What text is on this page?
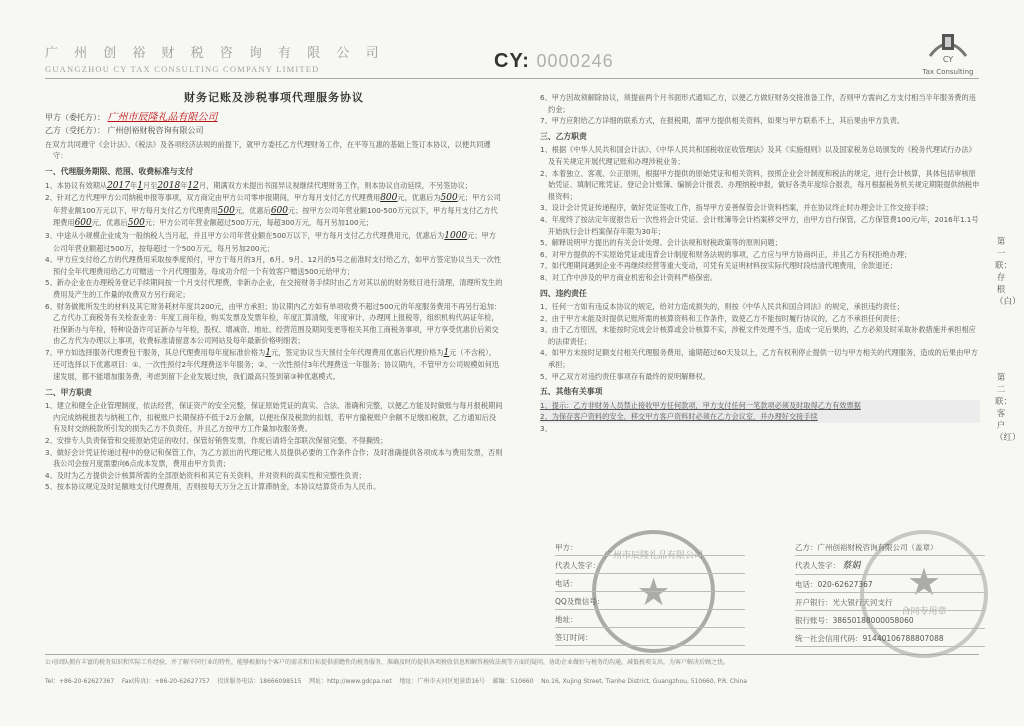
广 州 创 裕 财 税 咨 询 有 限 公 司
GUANGZHOU CY TAX CONSULTING COMPANY LIMITED	CY: 0000246	CY
Tax Consulting
财务记账及涉税事项代理服务协议
甲方（委托方）： 广州市辰隆礼品有限公司
乙方（受托方）： 广州创裕财税咨询有限公司

在双方共同遵守《会计法》、《税法》及各项经济法规的前提下，就甲方委托乙方代理财务工作，在平等互惠的基础上签订本协议，以便共同遵守：

一、代理服务期限、范围、收费标准与支付

1、本协议有效期从2017年1月至2018年12月，期满双方未提出书面异议视继续代理财务工作，则本协议自动延续，不另签协议；

2、针对乙方代理甲方公司纳税申报等事项，双方商定由甲方公司零申报期间，甲方每月支付乙方代理费用800元，优惠后为500元；甲方公司年营业额100万元以下，甲方每月支付乙方代理费用500元，优惠后600元；按甲方公司年营业额100-500万元以下，甲方每月支付乙方代理费用600元，优惠后500元；甲方公司年营业额超过500万元，每超300万元，每月另加100元；

3、中途从小规模企业成为一般纳税人当月起，并且甲方公司年营业额在500万以下，甲方每月支付乙方代理费用元，优惠后为1000元；甲方公司年营业额超过500万，按每超过一个500万元，每月另加200元；

4、甲方应支付给乙方的代理费用采取按季度预付，甲方于每月的3月，6月、9月、12月的5号之前准时支付给乙方，如甲方签定协议当天一次性预付全年代理费用给乙方可赠送一个月代理服务，每成功介绍一个有效客户赠送500元给甲方；

5、新办企业在办理税务登记手续期间按一个月支付代理费，非新办企业，在交接财务手续时由乙方对其以前的财务账目进行清理，清理所发生的费用及产生的工作量的收费双方另行商定；

6、财务做账所发生的材料及其它财务耗材年度共200元，由甲方承担；协议期内乙方如有单项收费不超过500元的年度服务费用不再另行追加：乙方代办工商税务有关检查业务：年度工商年检，购买发票及发票年检，年度汇算清缴，年度审计，办理网上报税等，组织机构代码证年检，社保新办与年检，特种设备许可证新办与年检，股权、增减资、地址、经营范围及期间变更等相关其他工商税务事项，甲方享受优惠价后须交由乙方代为办理以上事项，收费标准请留意本公司网站及每年最新价格明细表；

7、甲方如选择服务代理费包干服务，其总代理费用每年度标准价格为1元，签定协议当天预付全年代理费用优惠后代理价格为1元（不含税），还可选择以下优惠项目：①、一次性预付2年代理费送半年服务；②、一次性预付3年代理费送一年服务；协议期内，不管甲方公司规模如何迅速发展，都不能增加服务费，考虑到留下企业发展过快，我们最高只签到第③种优惠模式。

二、甲方职责

1、建立和健全企业管理制度，依法经营，保证资产的安全完整，保证原始凭证的真实、合法、准确和完整，以便乙方能及时做账与每月报税期间内完成纳税报表与纳税工作，扣税账户长期保持不低于2万金额，以便社保及税款的扣划，若甲方撤税账户余额不足缴扣税款，乙方通知后没有及时交纳税款所引发的损失乙方不负责任，并且乙方按甲方工作量加收服务费。

2、安排专人负责保管和交接原始凭证的收付、保管好销售发票，作废后请将全部联次保留完整、不得撕毁；

3、做好会计凭证传递过程中的登记和保管工作，为乙方派出的代理记账人员提供必要的工作条件合作；及时准确提供各项成本与费用发票，否则我公司会按月度需要向6点成本发票，费用由甲方负责；

4、及时为乙方提供会计核算所需的全部原始资料和其它有关资料，并对资料的真实性和完整性负责；

5、按本协议规定及时足额地支付代理费用，否则按每天万分之五计算滞纳金，本协议结算货币为人民币。

6、甲方因故须解除协议，须提前两个月书面形式通知乙方，以便乙方做好财务交接准备工作，否则甲方需向乙方支付相当半年服务费的违约金；

7、甲方应附给乙方详细的联系方式，在报税期，需甲方提供相关资料，如果与甲方联系不上，其后果由甲方负责。

三、乙方职责

1、根据《中华人民共和国会计法》、《中华人民共和国税收征收管理法》及其《实施细则》以及国家税务总局颁发的《税务代理试行办法》及有关规定开展代理记账和办理涉税业务；

2、本着独立、客观、公正原则，根据甲方提供的原始凭证和相关资料，按照企业会计制度和税法的规定，进行会计核算，具体包括审核原始凭证、填制记账凭证、登记会计账簿、编制会计报表、办理纳税申报，做好各类年度综合报表，每月根据税务机关规定期限提供纳税申报资料；

3、设计会计凭证传递程序，做好凭证签收工作，指导甲方妥善保管会计资料档案，并在协议终止时办理会计工作交接手续；

4、年度终了按法定年度报告后一次性将会计凭证、会计账簿等会计档案移交甲方，由甲方自行保管，乙方保管费100元/年，2016年1.1号开始执行会计档案保存年限为30年；

5、解释说明甲方提出的有关会计处理、会计法规和财税政策等的原则问题；

6、对甲方提供的不实原始凭证或违背会计制度和财务法规的事项，乙方应与甲方协商纠正，并且乙方有权拒绝办理；

7、如代理期间遇到企业不再继续经营等重大变动，可凭有关证明材料按实际代理时段结清代理费用，余款退还；

8、对工作中涉及的甲方商业机密和会计资料严格保密。

四、违约责任

1、任何一方如有违反本协议的规定，给对方造成损失的，则按《中华人民共和国合同法》的规定，承担违约责任；

2、由于甲方未能及时提供记账所需的核算资料和工作条件，致使乙方不能按时履行协议的，乙方不承担任何责任；

3、由于乙方原因，未能按时完成会计核算或会计核算不实，涉税文件处理不当，造成一定后果的，乙方必须及时采取补救措施并承担相应的法律责任；

4、如甲方未按时足额支付相关代理服务费用，逾期超过60天及以上，乙方有权利停止提供一切与甲方相关的代理服务，造成的后果由甲方承担；

5、甲乙双方对违约责任事项存有最终的说明解释权。

五、其他有关事项

1、提示：乙方非财务人员禁止接收甲方任何款项，甲方支付任何一笔款项必须及时取得乙方有效票据

2、为保存客户资料的安全，移交甲方客户资料时必须在乙方会议室，并办理好交接手续

3、

广州市辰隆礼品有限公司
★	合同专用章
★
甲方：
代表人签字：
电话：
QQ及微信号：
地址：
签订时间：
乙方：广州创裕财税咨询有限公司（盖章）
代表人签字： 蔡娟
电话：020-62627367
开户银行：光大银行天河支行
银行账号：38650188000058060
统一社会信用代码：91440106788807088
第一联：存根（白）
第二联：客户（红）
公司团队拥有丰富的税务知识和实际工作经验，并了解不同行业的特性，能够根据每个客户的需求和目标提供前瞻性的税务服务，准确及时的提供各项税收信息和解答税收法规等方面的疑问，协助企业做好与税务的沟通，减低税项支出，为客户解决后顾之忧。
Tel：+86-20-62627367 Fax(传真)：+86-20-62627757 投诉服务电话：18666098515 网址：http://www.gdcpa.net 地址：广州市天河区旭景街16号 邮编：510660 No.16, Xujing Street, Tianhe District, Guangzhou, 510660, P.R. China
